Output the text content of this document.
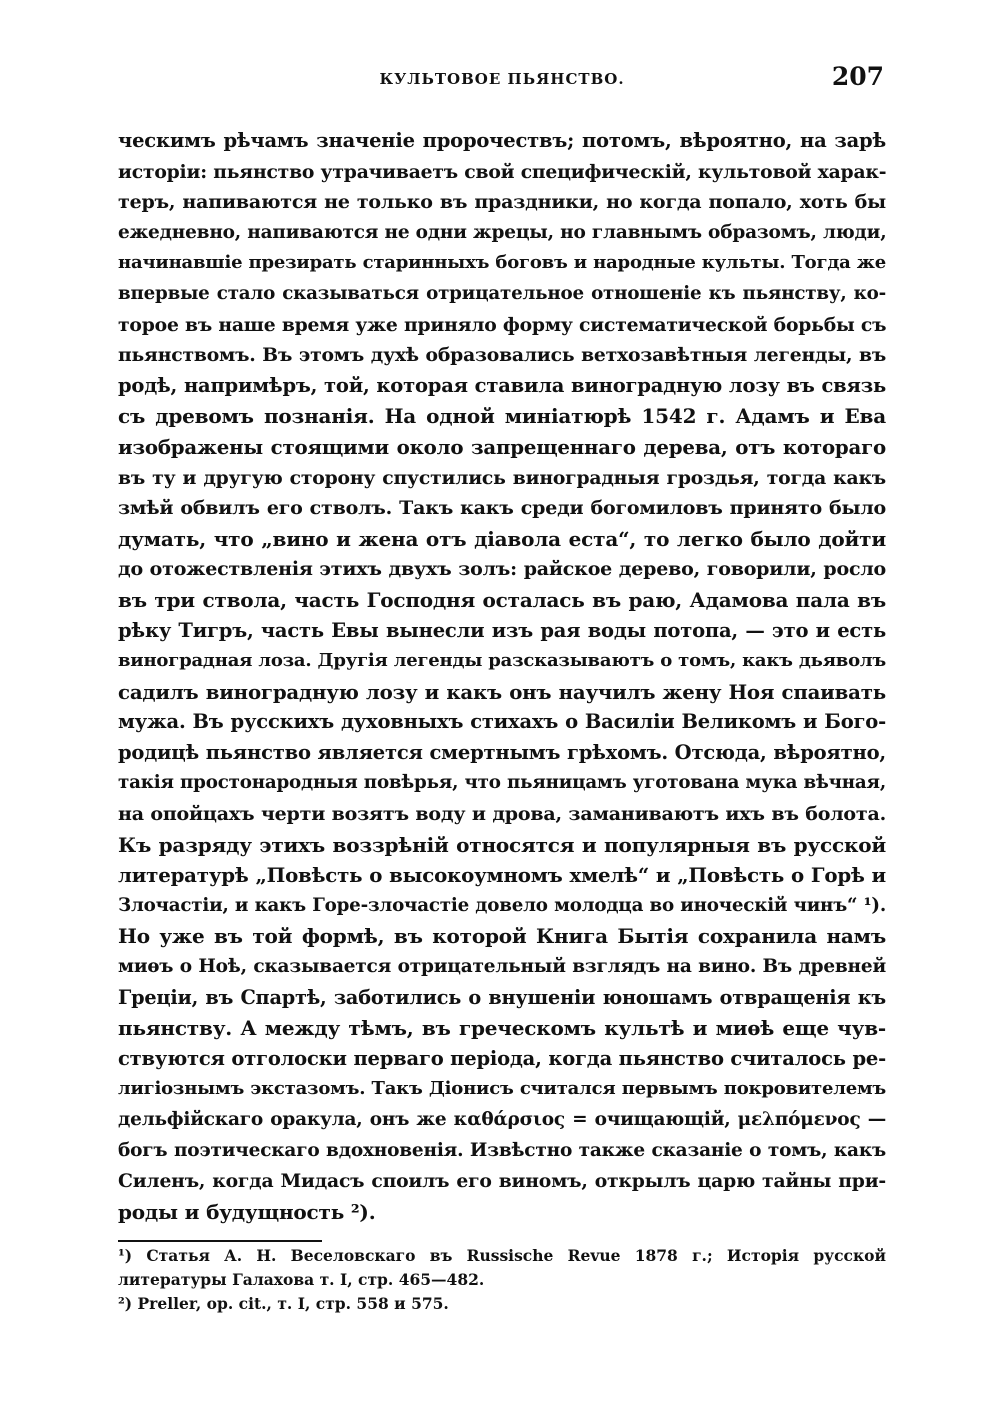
КУЛЬТОВОЕ ПЬЯНСТВО.	207
ческимъ рѣчамъ значеніе пророчествъ; потомъ, вѣроятно, на зарѣ
исторіи: пьянство утрачиваетъ свой специфическій, культовой харак-
теръ, напиваются не только въ праздники, но когда попало, хоть бы
ежедневно, напиваются не одни жрецы, но главнымъ образомъ, люди,
начинавшіе презирать старинныхъ боговъ и народные культы. Тогда же
впервые стало сказываться отрицательное отношеніе къ пьянству, ко-
торое въ наше время уже приняло форму систематической борьбы съ
пьянствомъ. Въ этомъ духѣ образовались ветхозавѣтныя легенды, въ
родѣ, напримѣръ, той, которая ставила виноградную лозу въ связь
съ древомъ познанія. На одной миніатюрѣ 1542 г. Адамъ и Ева
изображены стоящими около запрещеннаго дерева, отъ котораго
въ ту и другую сторону спустились виноградныя гроздья, тогда какъ
змѣй обвилъ его стволъ. Такъ какъ среди богомиловъ принято было
думать, что „вино и жена отъ діавола еста“, то легко было дойти
до отожествленія этихъ двухъ золъ: райское дерево, говорили, росло
въ три ствола, часть Господня осталась въ раю, Адамова пала въ
рѣку Тигръ, часть Евы вынесли изъ рая воды потопа, — это и есть
виноградная лоза. Другія легенды разсказываютъ о томъ, какъ дьяволъ
садилъ виноградную лозу и какъ онъ научилъ жену Ноя спаивать
мужа. Въ русскихъ духовныхъ стихахъ о Василіи Великомъ и Бого-
родицѣ пьянство является смертнымъ грѣхомъ. Отсюда, вѣроятно,
такія простонародныя повѣрья, что пьяницамъ уготована мука вѣчная,
на опойцахъ черти возятъ воду и дрова, заманиваютъ ихъ въ болота.
Къ разряду этихъ воззрѣній относятся и популярныя въ русской
литературѣ „Повѣсть о высокоумномъ хмелѣ“ и „Повѣсть о Горѣ и
Злочастіи, и какъ Горе-злочастіе довело молодца во иноческій чинъ“ ¹).
Но уже въ той формѣ, въ которой Книга Бытія сохранила намъ
миѳъ о Ноѣ, сказывается отрицательный взглядъ на вино. Въ древней
Греціи, въ Спартѣ, заботились о внушеніи юношамъ отвращенія къ
пьянству. А между тѣмъ, въ греческомъ культѣ и миѳѣ еще чув-
ствуются отголоски перваго періода, когда пьянство считалось ре-
лигіознымъ экстазомъ. Такъ Діонисъ считался первымъ покровителемъ
дельфійскаго оракула, онъ же καθάρσιος = очищающій, μελπόμενος —
богъ поэтическаго вдохновенія. Извѣстно также сказаніе о томъ, какъ
Силенъ, когда Мидасъ споилъ его виномъ, открылъ царю тайны при-
роды и будущность ²).
¹) Статья А. Н. Веселовскаго въ Russische Revue 1878 г.; Исторія русской
литературы Галахова т. I, стр. 465—482.
²) Preller, op. cit., т. I, стр. 558 и 575.
